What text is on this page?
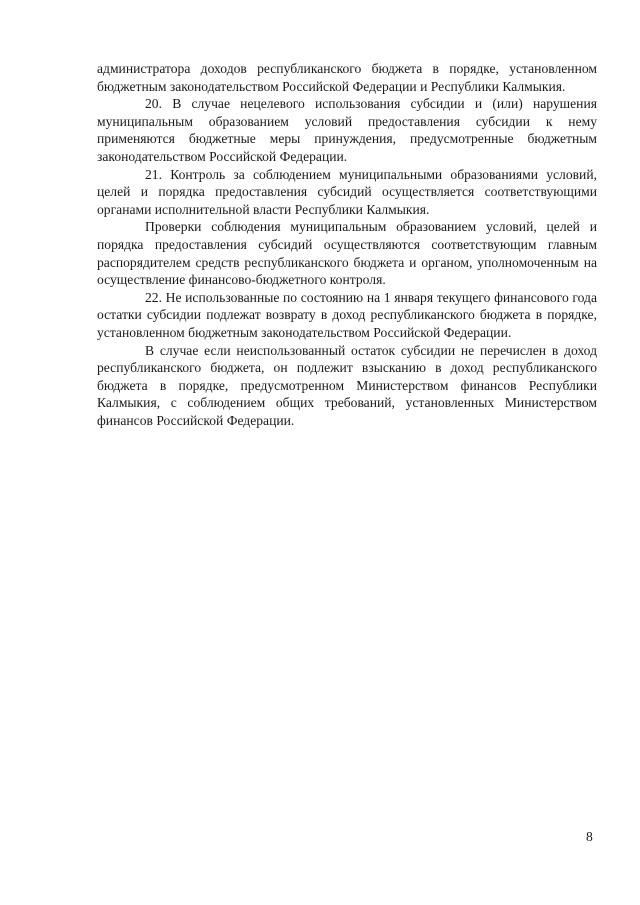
администратора доходов республиканского бюджета в порядке, установленном бюджетным законодательством Российской Федерации и Республики Калмыкия.

20. В случае нецелевого использования субсидии и (или) нарушения муниципальным образованием условий предоставления субсидии к нему применяются бюджетные меры принуждения, предусмотренные бюджетным законодательством Российской Федерации.

21. Контроль за соблюдением муниципальными образованиями условий, целей и порядка предоставления субсидий осуществляется соответствующими органами исполнительной власти Республики Калмыкия.

Проверки соблюдения муниципальным образованием условий, целей и порядка предоставления субсидий осуществляются соответствующим главным распорядителем средств республиканского бюджета и органом, уполномоченным на осуществление финансово-бюджетного контроля.

22. Не использованные по состоянию на 1 января текущего финансового года остатки субсидии подлежат возврату в доход республиканского бюджета в порядке, установленном бюджетным законодательством Российской Федерации.

В случае если неиспользованный остаток субсидии не перечислен в доход республиканского бюджета, он подлежит взысканию в доход республиканского бюджета в порядке, предусмотренном Министерством финансов Республики Калмыкия, с соблюдением общих требований, установленных Министерством финансов Российской Федерации.

8
